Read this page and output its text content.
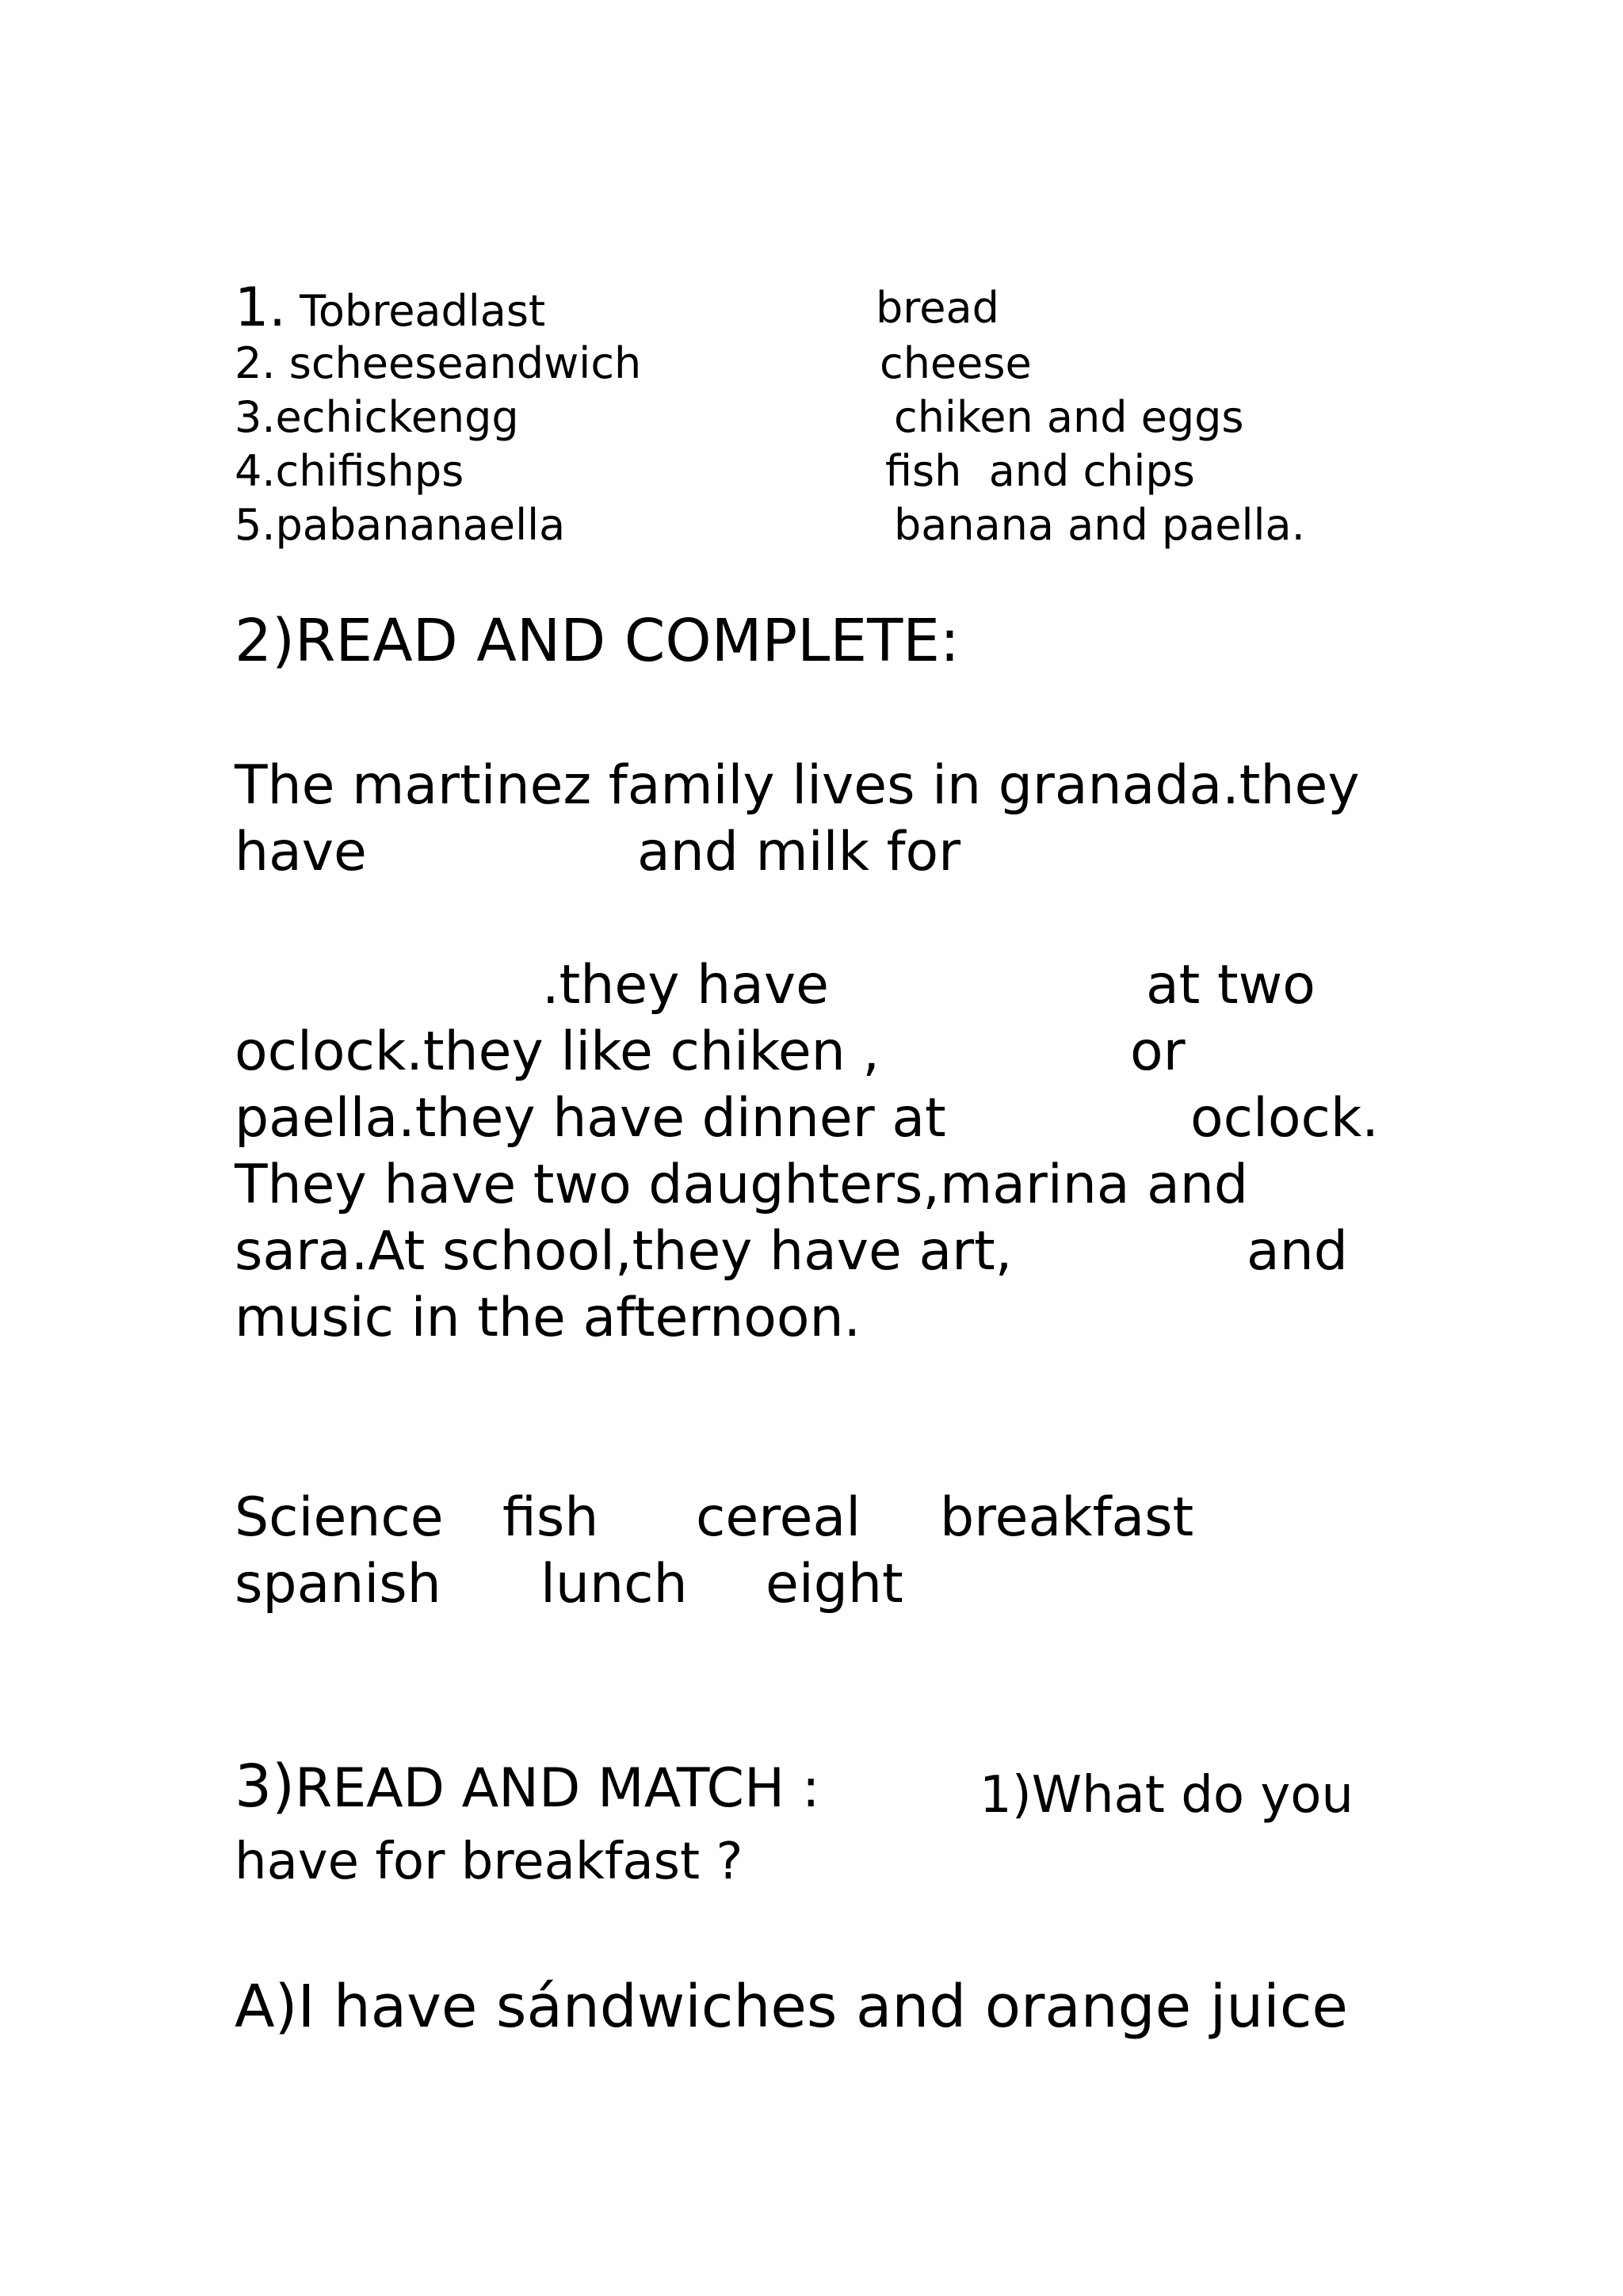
1. Tobreadlast	bread
2. scheeseandwich	cheese
3.echickengg	chiken and eggs
4.chifishps	fish  and chips
5.pabananaella	banana and paella.
2)READ AND COMPLETE:
The martinez family lives in granada.they
have	and milk for
.they have	at two
oclock.they like chiken ,	or
paella.they have dinner at	oclock.
They have two daughters,marina and
sara.At school,they have art,	and
music in the afternoon.
Science fish cereal breakfast
spanish lunch eight
3)READ AND MATCH :	1)What do you
have for breakfast ?
A)I have sándwiches and orange juice
